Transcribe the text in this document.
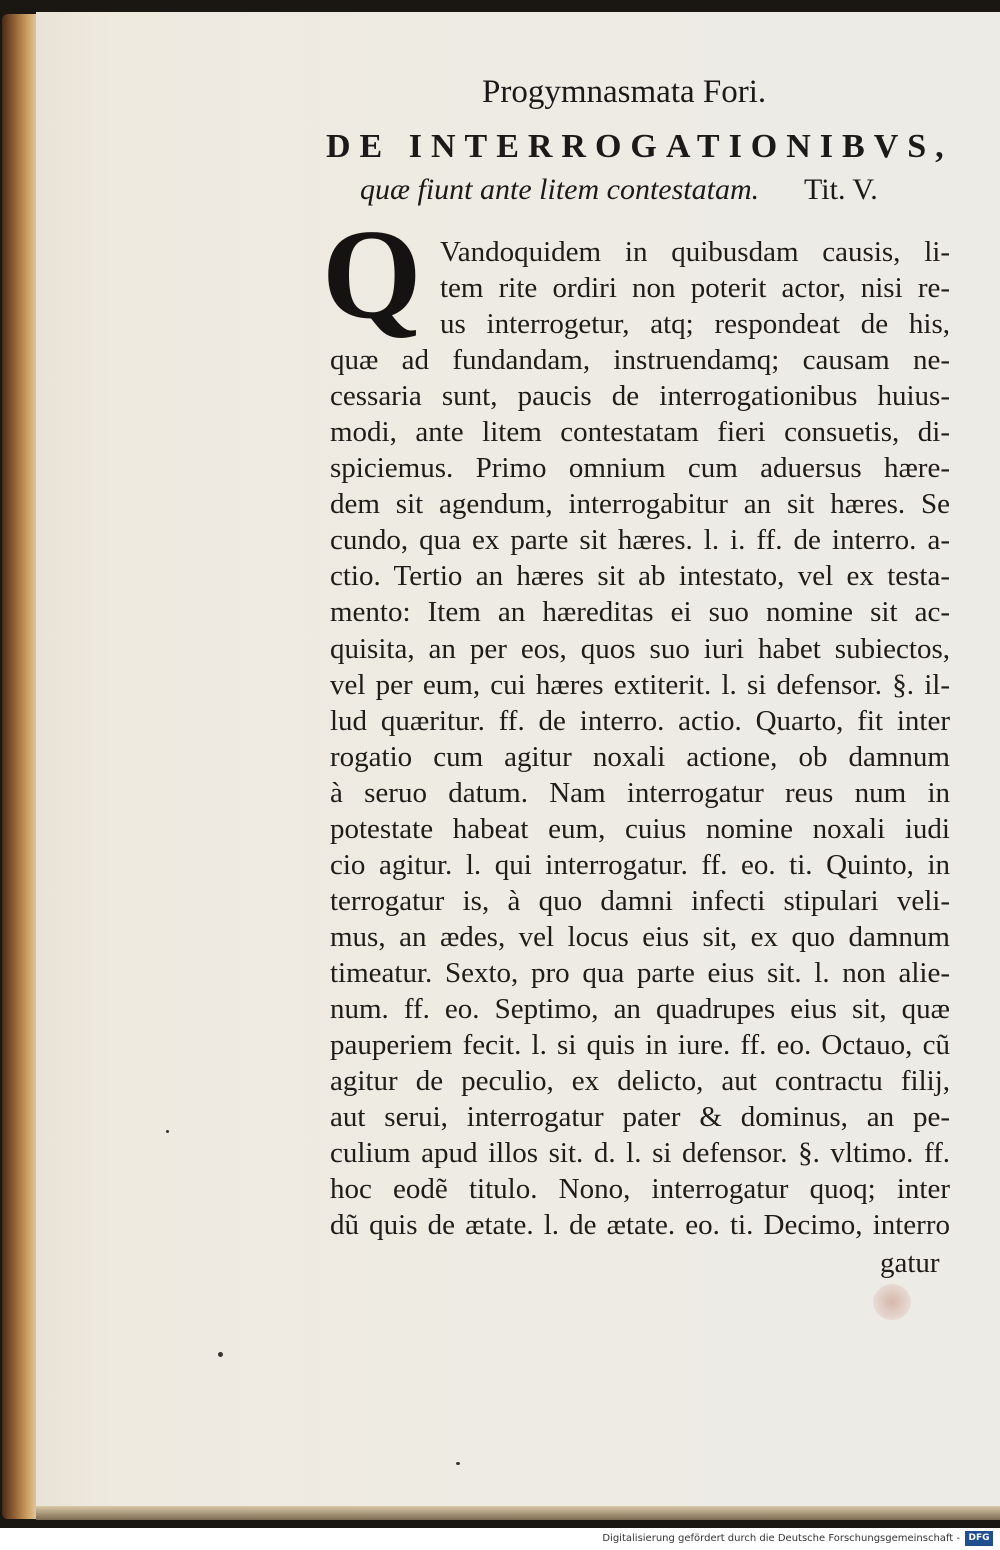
Progymnasmata Fori.
DE INTERROGATIONIBVS,
quæ fiunt ante litem contestatam.	Tit. V.
Q Vandoquidem in quibusdam causis, li-
tem rite ordiri non poterit actor, nisi re-
us interrogetur, atq; respondeat de his,
quæ ad fundandam, instruendamq; causam ne-
cessaria sunt, paucis de interrogationibus huius-
modi, ante litem contestatam fieri consuetis, di-
spiciemus. Primo omnium cum aduersus hære-
dem sit agendum, interrogabitur an sit hæres. Se
cundo, qua ex parte sit hæres. l. i. ff. de interro. a-
ctio. Tertio an hæres sit ab intestato, vel ex testa-
mento: Item an hæreditas ei suo nomine sit ac-
quisita, an per eos, quos suo iuri habet subiectos,
vel per eum, cui hæres extiterit. l. si defensor. §. il-
lud quæritur. ff. de interro. actio. Quarto, fit inter
rogatio cum agitur noxali actione, ob damnum
à seruo datum. Nam interrogatur reus num in
potestate habeat eum, cuius nomine noxali iudi
cio agitur. l. qui interrogatur. ff. eo. ti. Quinto, in
terrogatur is, à quo damni infecti stipulari veli-
mus, an ædes, vel locus eius sit, ex quo damnum
timeatur. Sexto, pro qua parte eius sit. l. non alie-
num. ff. eo. Septimo, an quadrupes eius sit, quæ
pauperiem fecit. l. si quis in iure. ff. eo. Octauo, cũ
agitur de peculio, ex delicto, aut contractu filij,
aut serui, interrogatur pater & dominus, an pe-
culium apud illos sit. d. l. si defensor. §. vltimo. ff.
hoc eodẽ titulo. Nono, interrogatur quoq; inter
dũ quis de ætate. l. de ætate. eo. ti. Decimo, interro
gatur
Digitalisierung gefördert durch die Deutsche Forschungsgemeinschaft - DFG
